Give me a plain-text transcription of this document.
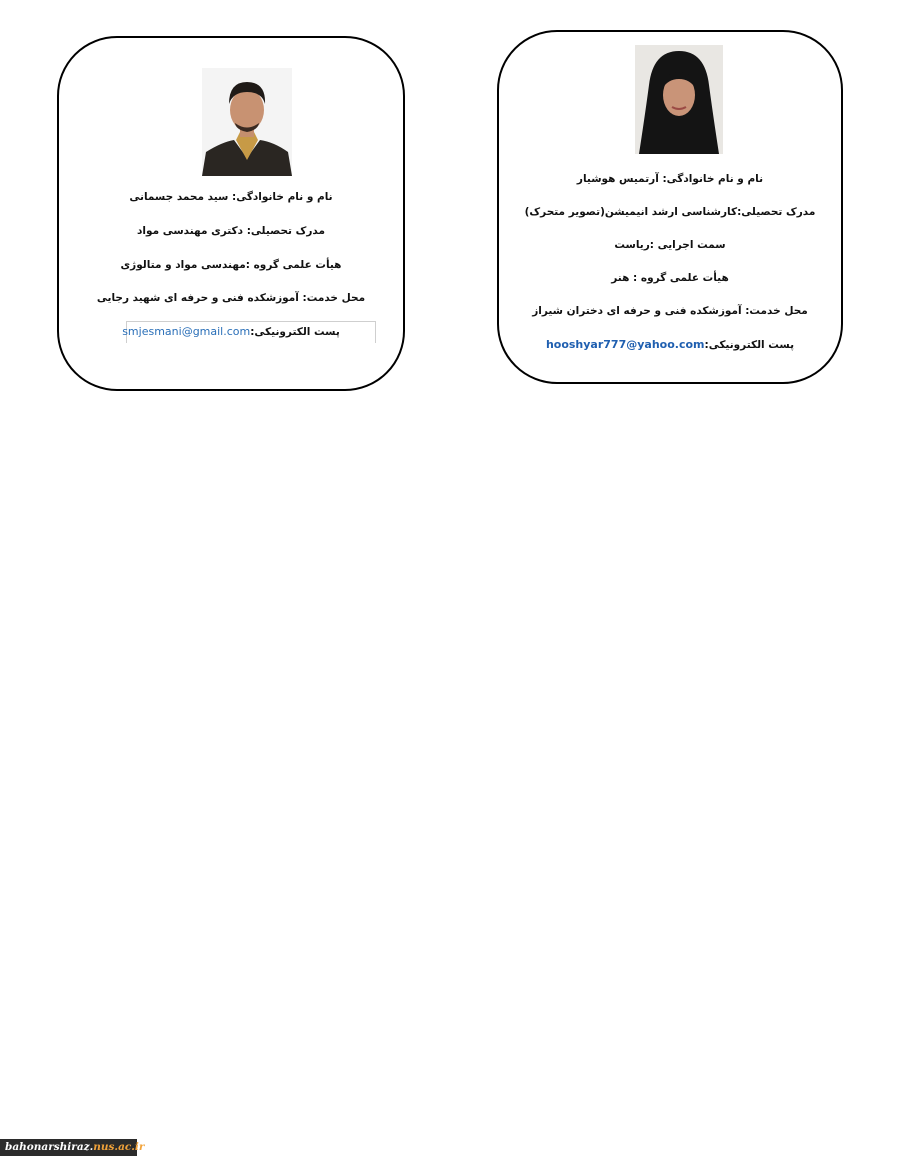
نام و نام خانوادگی: سید محمد جسمانی
مدرک تحصیلی: دکتری مهندسی مواد
هیأت علمی گروه :مهندسی مواد و متالوژی
محل خدمت: آموزشکده فنی و حرفه ای شهید رجایی
پست الکترونیکی:smjesmani@gmail.com
نام و نام خانوادگی: آرتمیس هوشیار
مدرک تحصیلی:کارشناسی ارشد انیمیشن(تصویر متحرک)
سمت اجرایی :ریاست
هیأت علمی گروه : هنر
محل خدمت: آموزشکده فنی و حرفه ای دختران شیراز
پست الکترونیکی:hooshyar777@yahoo.com
bahonarshiraz.nus.ac.ir
